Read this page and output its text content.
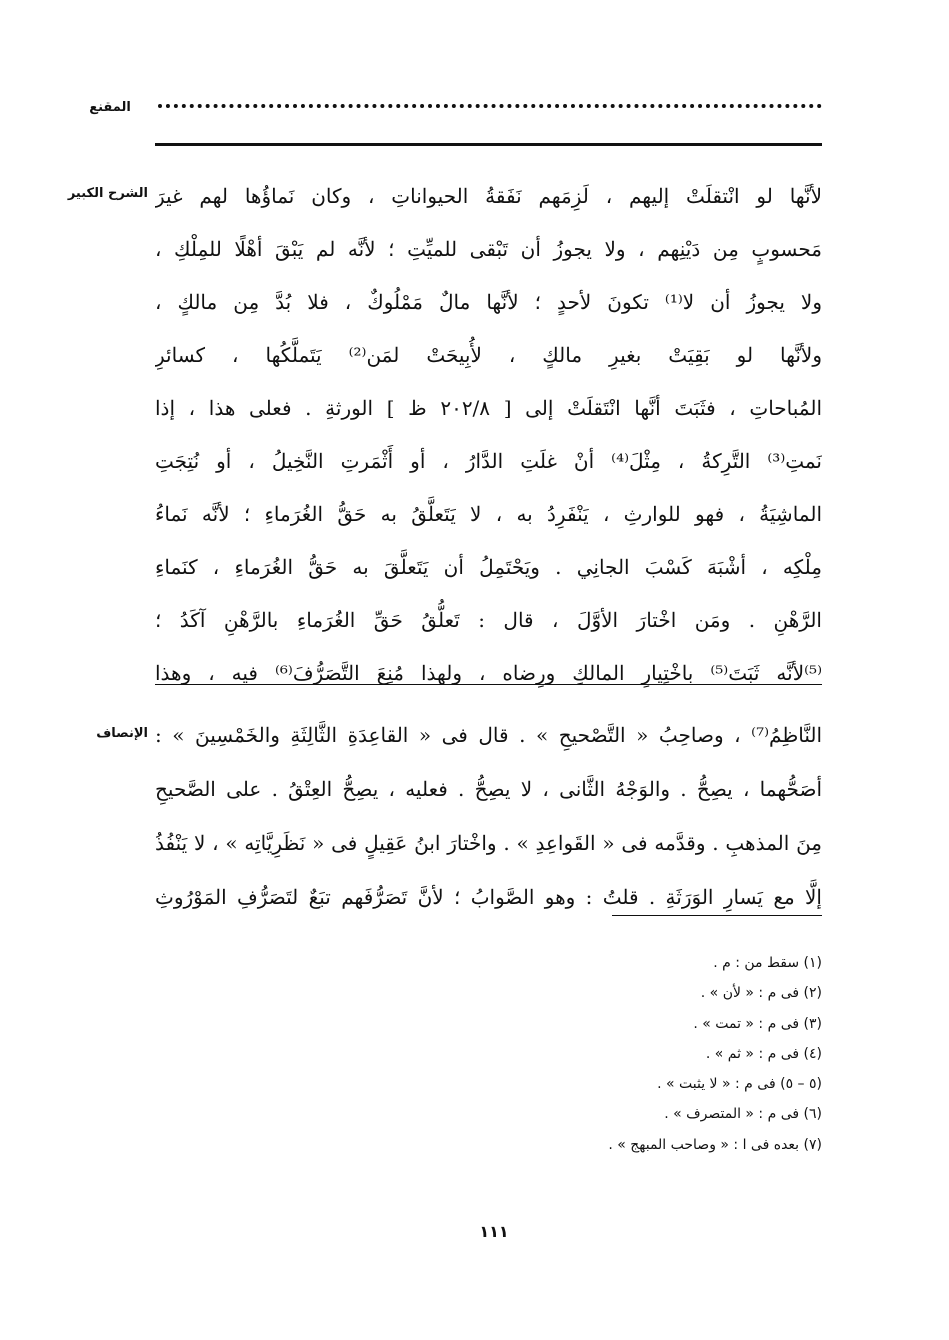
المقنع
الشرح الكبير لأنَّها لو انْتقلَتْ إليهم ، لَزِمَهم نَفَقةُ الحيواناتِ ، وكان نَماؤُها لهم غيرَ
مَحسوبٍ مِن دَيْنِهم ، ولا يجوزُ أن تَبْقى للميِّتِ ؛ لأنَّه لم يَبْقَ أهْلًا للمِلْكِ ،
ولا يجوزُ أن لا⁽¹⁾ تكونَ لأحدٍ ؛ لأنَّها مالٌ مَمْلُوكٌ ، فلا بُدَّ مِن مالكٍ ،
ولأنَّها لو بَقِيَتْ بغيرِ مالكٍ ، لأُبِيحَتْ لمَن⁽²⁾ يَتَملَّكُها ، كسائرِ
المُباحاتِ ، فثَبَتَ أنَّها انْتَقلَتْ إلى [ ٢٠٢/٨ ظ ] الورثةِ . فعلى هذا ، إذا
نَمتِ⁽³⁾ التَّرِكةُ ، مِثْلَ⁽⁴⁾ أنْ غلَتِ الدَّارُ ، أو أَثْمَرتِ النَّخِيلُ ، أو نُتِجَتِ
الماشِيَةُ ، فهو للوارثِ ، يَنْفَرِدُ به ، لا يَتَعلَّقُ به حَقُّ الغُرَماءِ ؛ لأنَّه نَماءُ
مِلْكِه ، أشْبَهَ كَسْبَ الجانِي . ويَحْتَمِلُ أن يَتَعلَّقَ به حَقُّ الغُرَماءِ ، كنَماءِ
الرَّهْنِ . ومَن اخْتارَ الأوَّلَ ، قال : تَعلُّقُ حَقِّ الغُرَماءِ بالرَّهْنِ آكَدُ ؛
⁽⁵⁾لأنَّه ثَبَتَ⁽⁵⁾ باخْتِيارِ المالكِ ورِضاه ، ولهذا مُنِعَ التَّصَرُّفَ⁽⁶⁾ فيه ، وهذا
الإنصاف النَّاظِمُ⁽⁷⁾ ، وصاحِبُ « التَّصْحيحِ » . قال فى « القاعِدَةِ الثَّالِثَةِ والخَمْسِينَ » :
أصَحُّهما ، يصِحُّ . والوَجْهُ الثَّانى ، لا يصِحُّ . فعليه ، يصِحُّ العِتْقُ . على الصَّحيحِ
مِنَ المذهبِ . وقدَّمه فى « القَواعِدِ » . واخْتارَ ابنُ عَقِيلٍ فى « نَظَرِيَّاتِه » ، لا يَنْفُذُ
إلَّا مع يَسارِ الوَرَثَةِ . قلتُ : وهو الصَّوابُ ؛ لأنَّ تَصَرُّفَهم تبَعٌ لتَصَرُّفِ المَوْرُوثِ
(١) سقط من : م .
(٢) فى م : « لأن » .
(٣) فى م : « تمت » .
(٤) فى م : « ثم » .
(٥ – ٥) فى م : « لا يثبت » .
(٦) فى م : « المتصرف » .
(٧) بعده فى ا : « وصاحب المبهج » .
١١١
